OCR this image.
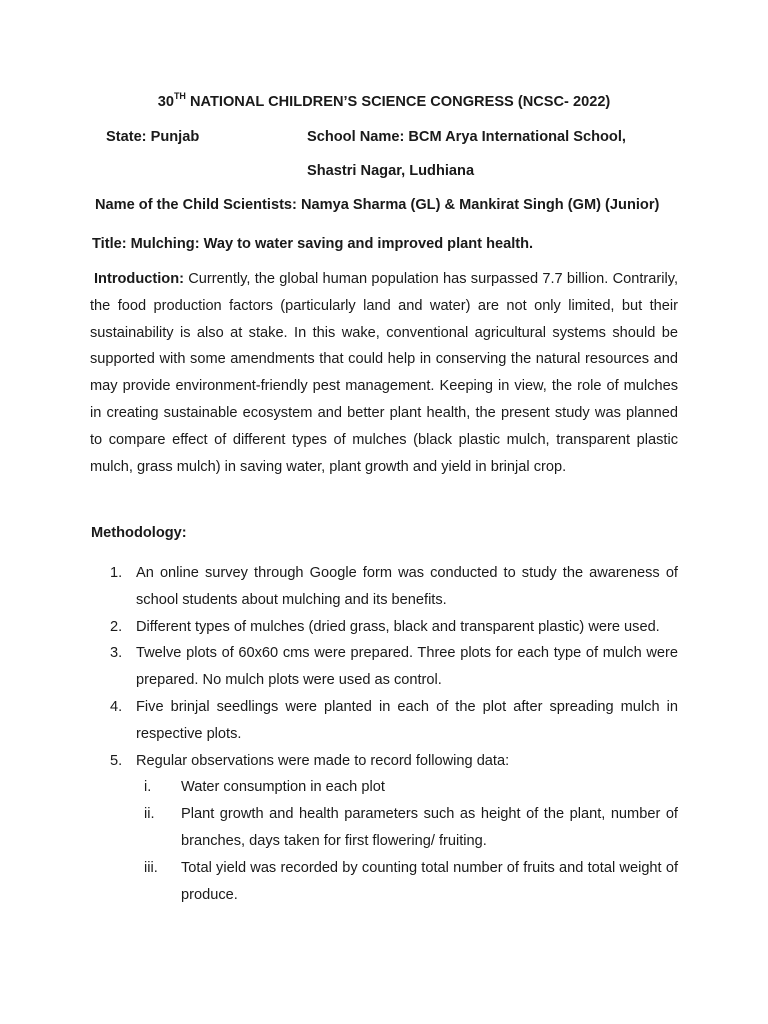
30TH NATIONAL CHILDREN’S SCIENCE CONGRESS (NCSC- 2022)
State: Punjab	School Name: BCM Arya International School,
Shastri Nagar, Ludhiana
Name of the Child Scientists: Namya Sharma (GL) & Mankirat Singh (GM) (Junior)
Title: Mulching: Way to water saving and improved plant health.
Introduction: Currently, the global human population has surpassed 7.7 billion. Contrarily, the food production factors (particularly land and water) are not only limited, but their sustainability is also at stake. In this wake, conventional agricultural systems should be supported with some amendments that could help in conserving the natural resources and may provide environment-friendly pest management. Keeping in view, the role of mulches in creating sustainable ecosystem and better plant health, the present study was planned to compare effect of different types of mulches (black plastic mulch, transparent plastic mulch, grass mulch) in saving water, plant growth and yield in brinjal crop.
Methodology:
1. An online survey through Google form was conducted to study the awareness of school students about mulching and its benefits.
2. Different types of mulches (dried grass, black and transparent plastic) were used.
3. Twelve plots of 60x60 cms were prepared. Three plots for each type of mulch were prepared. No mulch plots were used as control.
4. Five brinjal seedlings were planted in each of the plot after spreading mulch in respective plots.
5. Regular observations were made to record following data:
i. Water consumption in each plot
ii. Plant growth and health parameters such as height of the plant, number of branches, days taken for first flowering/ fruiting.
iii. Total yield was recorded by counting total number of fruits and total weight of produce.
